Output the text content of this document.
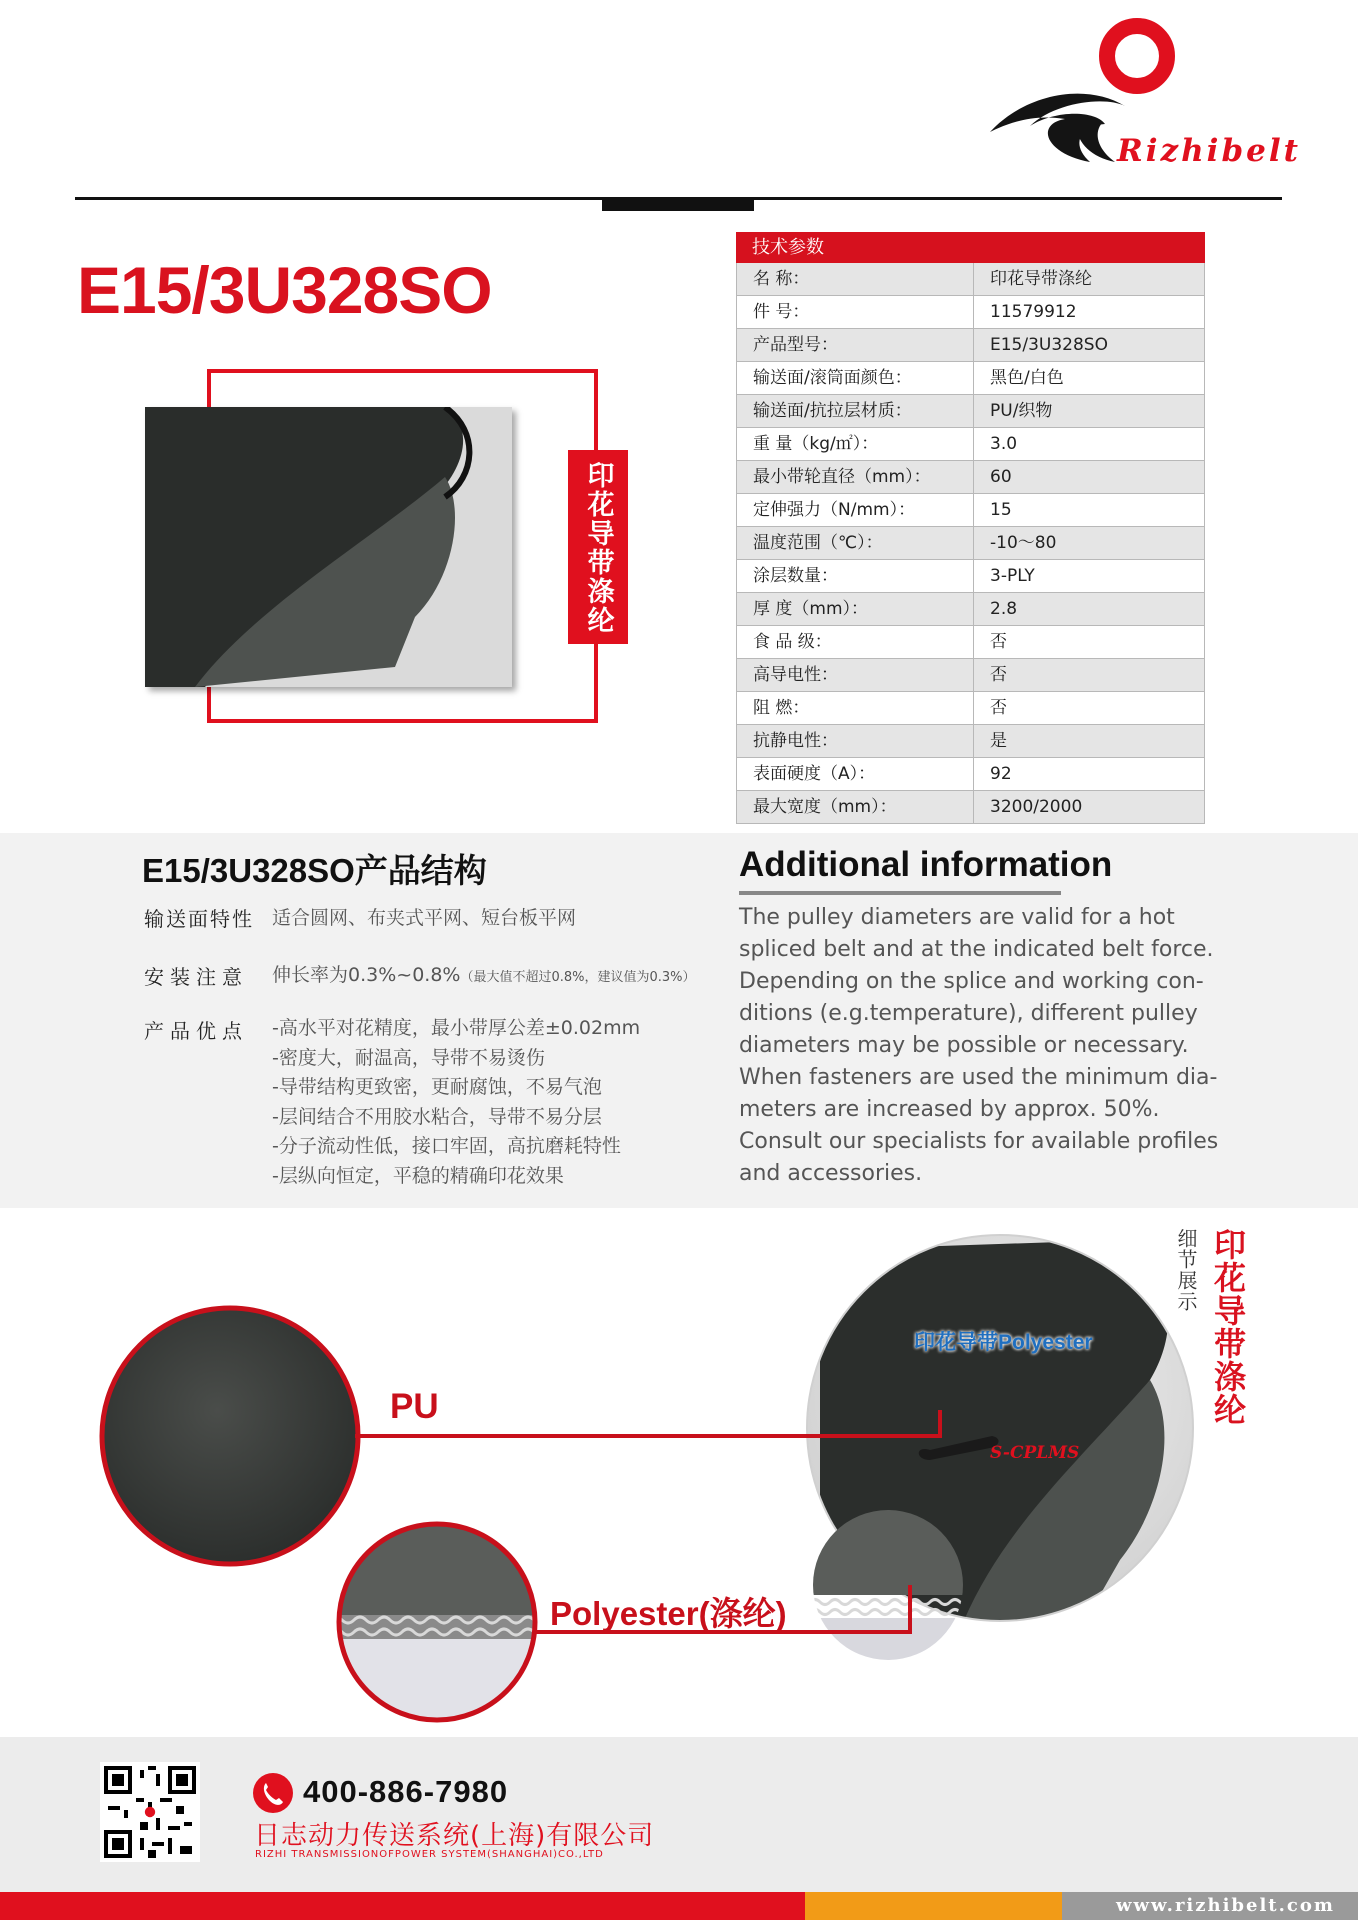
Rizhibelt
E15/3U328SO
印花导带涤纶
技术参数
名 称：	印花导带涤纶
件 号：	11579912
产品型号：	E15/3U328SO
输送面/滚筒面颜色：	黑色/白色
输送面/抗拉层材质：	PU/织物
重 量（kg/㎡）：	3.0
最小带轮直径（mm）：	60
定伸强力（N/mm）：	15
温度范围（℃）：	-10～80
涂层数量：	3-PLY
厚 度（mm）：	2.8
食 品 级：	否
高导电性：	否
阻 燃：	否
抗静电性：	是
表面硬度（A）：	92
最大宽度（mm）：	3200/2000
E15/3U328SO产品结构
输送面特性 适合圆网、布夹式平网、短台板平网
安装注意 伸长率为0.3%~0.8%（最大值不超过0.8%，建议值为0.3%）
产品优点 -高水平对花精度，最小带厚公差±0.02mm
-密度大，耐温高，导带不易烫伤
-导带结构更致密，更耐腐蚀，不易气泡
-层间结合不用胶水粘合，导带不易分层
-分子流动性低，接口牢固，高抗磨耗特性
-层纵向恒定，平稳的精确印花效果
Additional information
The pulley diameters are valid for a hot
spliced belt and at the indicated belt force.
Depending on the splice and working con-
ditions (e.g.temperature), different pulley
diameters may be possible or necessary.
When fasteners are used the minimum dia-
meters are increased by approx. 50%.
Consult our specialists for available profiles
and accessories.
PU
Polyester(涤纶)
印花导带Polyester
S-CPLMS
印花导带涤纶
细节展示
400-886-7980
日志动力传送系统(上海)有限公司
RIZHI TRANSMISSIONOFPOWER SYSTEM(SHANGHAI)CO.,LTD
www.rizhibelt.com
